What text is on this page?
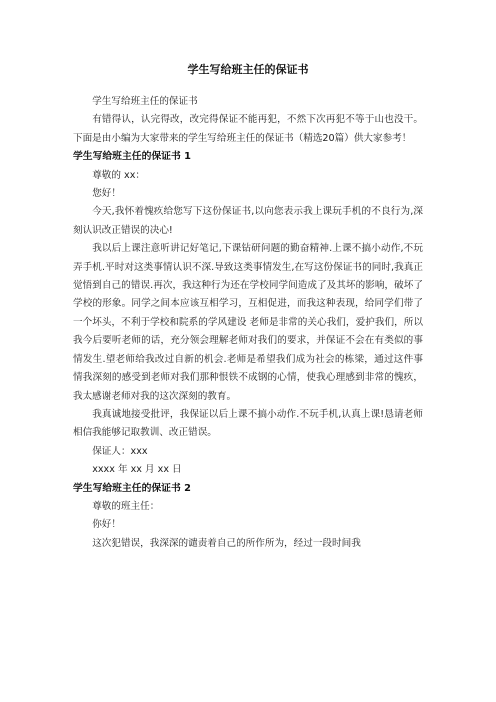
学生写给班主任的保证书

学生写给班主任的保证书

有错得认，认完得改，改完得保证不能再犯，不然下次再犯不等于山也没干。下面是由小编为大家带来的学生写给班主任的保证书（精选20篇）供大家参考！

学生写给班主任的保证书 1

尊敬的 xx：

您好！

今天,我怀着愧疚给您写下这份保证书,以向您表示我上课玩手机的不良行为,深刻认识改正错误的决心!

我以后上课注意听讲记好笔记,下课钻研问题的勤奋精神.上课不搞小动作,不玩弄手机.平时对这类事情认识不深.导致这类事情发生,在写这份保证书的同时,我真正觉悟到自己的错误.再次，我这种行为还在学校同学间造成了及其坏的影响，破坏了学校的形象。同学之间本应该互相学习，互相促进，而我这种表现，给同学们带了一个坏头，不利于学校和院系的学风建设 老师是非常的关心我们，爱护我们，所以我今后要听老师的话，充分领会理解老师对我们的要求，并保证不会在有类似的事情发生.望老师给我改过自新的机会.老师是希望我们成为社会的栋梁，通过这件事情我深刻的感受到老师对我们那种恨铁不成钢的心情，使我心理感到非常的愧疚，我太感谢老师对我的这次深刻的教育。

我真诚地接受批评，我保证以后上课不搞小动作.不玩手机,认真上课!恳请老师相信我能够记取教训、改正错误。

保证人：xxx

xxxx 年 xx 月 xx 日

学生写给班主任的保证书 2

尊敬的班主任：

你好！

这次犯错误，我深深的谴责着自己的所作所为，经过一段时间我
